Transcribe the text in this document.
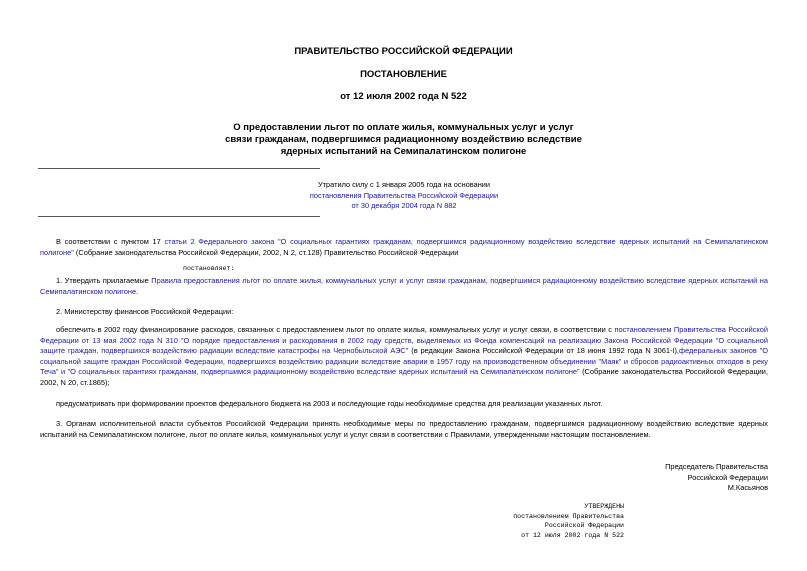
ПРАВИТЕЛЬСТВО РОССИЙСКОЙ ФЕДЕРАЦИИ
ПОСТАНОВЛЕНИЕ
от 12 июля 2002 года N 522
О предоставлении льгот по оплате жилья, коммунальных услуг и услуг
связи гражданам, подвергшимся радиационному воздействию вследствие
ядерных испытаний на Семипалатинском полигоне
Утратило силу с 1 января 2005 года на основании
постановления Правительства Российской Федерации
от 30 декабря 2004 года N 882
В соответствии с пунктом 17 статьи 2 Федерального закона "О социальных гарантиях гражданам, подвергшимся радиационному воздействию вследствие ядерных испытаний на Семипалатинском полигоне" (Собрание законодательства Российской Федерации, 2002, N 2, ст.128) Правительство Российской Федерации
постановляет:
1. Утвердить прилагаемые Правила предоставления льгот по оплате жилья, коммунальных услуг и услуг связи гражданам, подвергшимся радиационному воздействию вследствие ядерных испытаний на Семипалатинском полигоне.
2. Министерству финансов Российской Федерации:
обеспечить в 2002 году финансирование расходов, связанных с предоставлением льгот по оплате жилья, коммунальных услуг и услуг связи, в соответствии с постановлением Правительства Российской Федерации от 13 мая 2002 года N 310 "О порядке предоставления и расходования в 2002 году средств, выделяемых из Фонда компенсаций на реализацию Закона Российской Федерации "О социальной защите граждан, подвергшихся воздействию радиации вследствие катастрофы на Чернобыльской АЭС" (в редакции Закона Российской Федерации от 18 июня 1992 года N 3061-I),федеральных законов "О социальной защите граждан Российской Федерации, подвергшихся воздействию радиации вследствие аварии в 1957 году на производственном объединении "Маяк" и сбросов радиоактивных отходов в реку Теча" и "О социальных гарантиях гражданам, подвергшимся радиационному воздействию вследствие ядерных испытаний на Семипалатинском полигоне" (Собрание законодательства Российской Федерации, 2002, N 20, ст.1865);
предусматривать при формировании проектов федерального бюджета на 2003 и последующие годы необходимые средства для реализации указанных льгот.
3. Органам исполнительной власти субъектов Российской Федерации принять необходимые меры по предоставлению гражданам, подвергшимся радиационному воздействию вследствие ядерных испытаний на Семипалатинском полигоне, льгот по оплате жилья, коммунальных услуг и услуг связи в соответствии с Правилами, утвержденными настоящим постановлением.
Председатель Правительства
Российской Федерации
М.Касьянов
УТВЕРЖДЕНЫ
постановлением Правительства
Российской Федерации
от 12 июля 2002 года N 522
